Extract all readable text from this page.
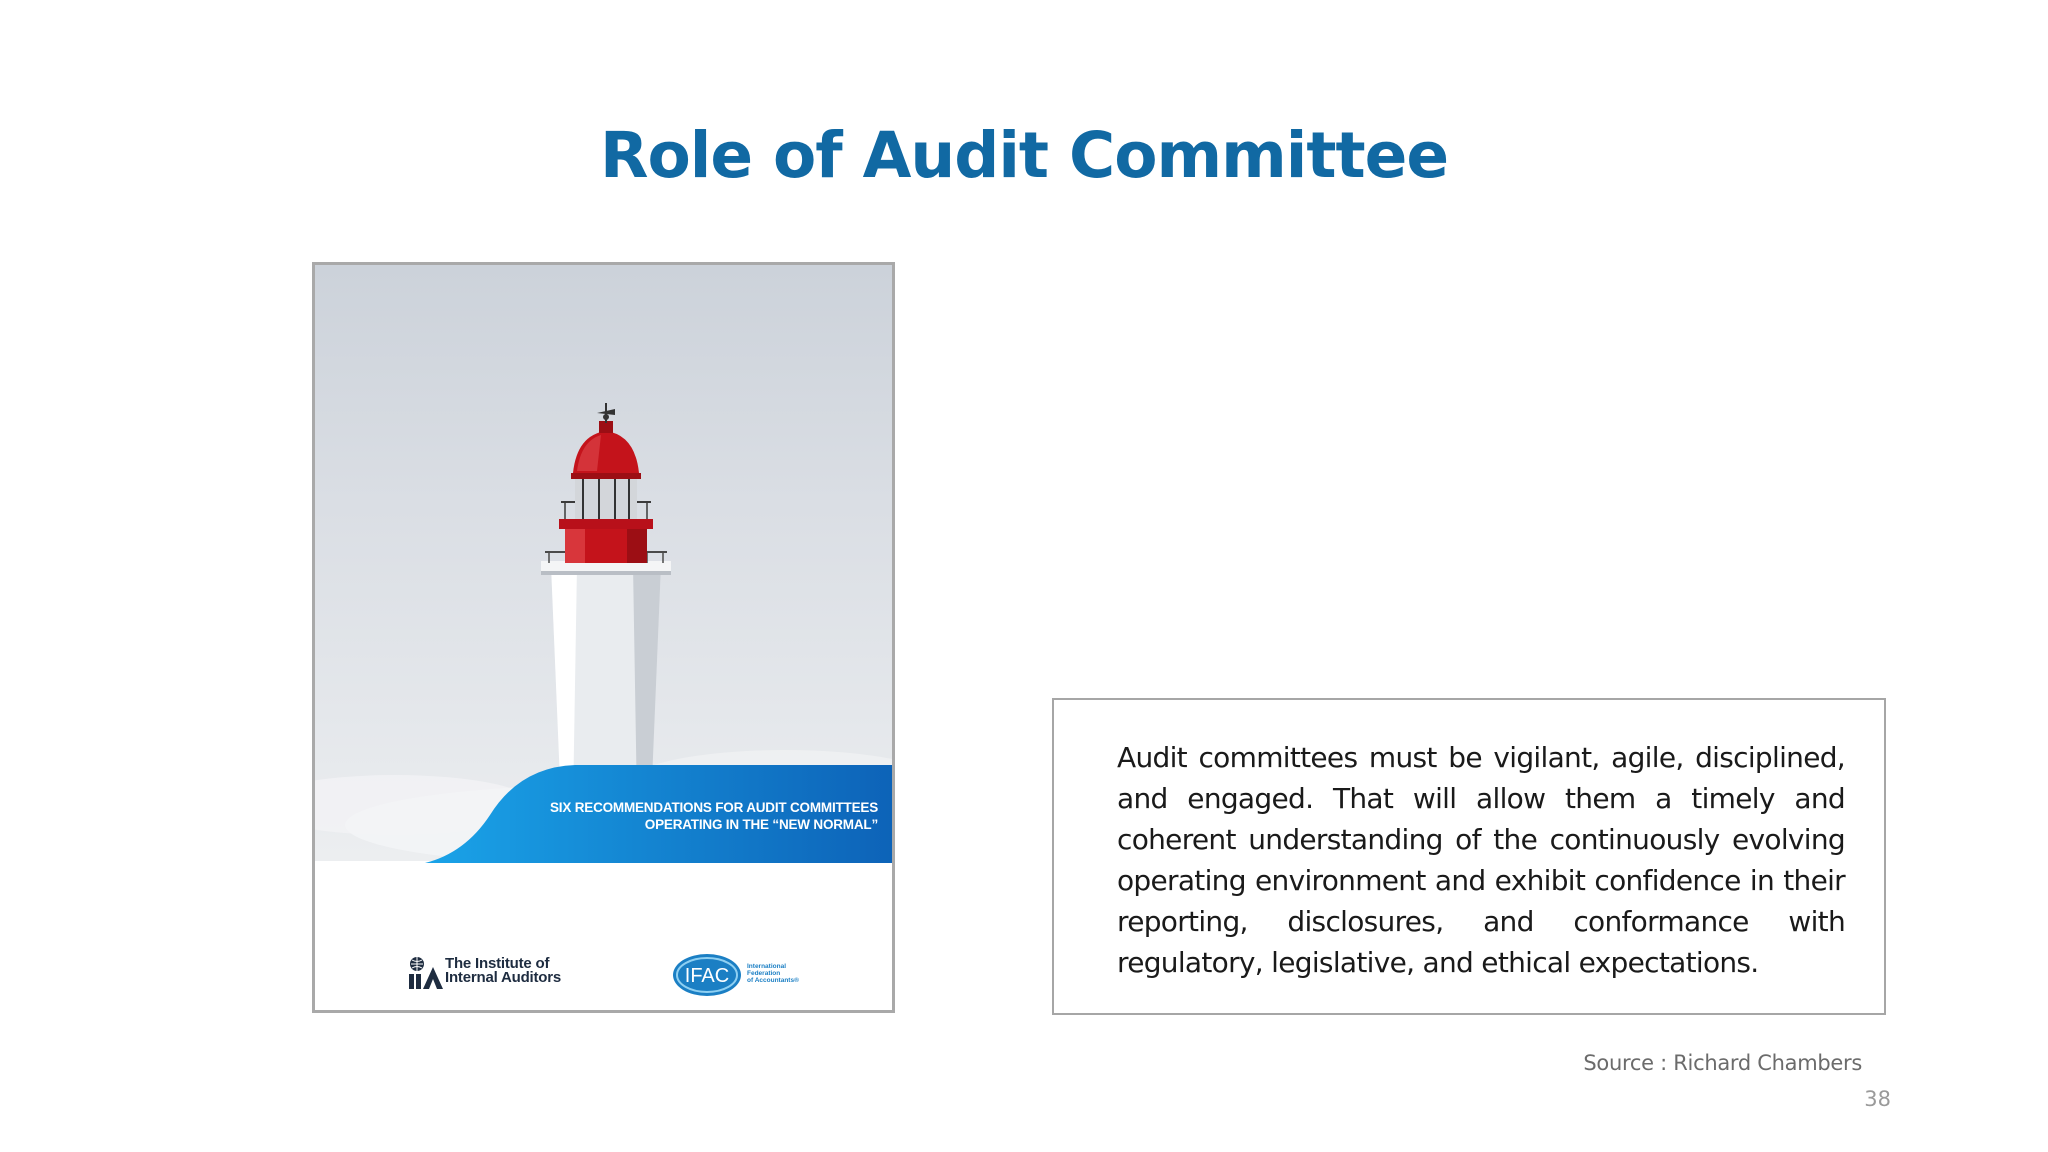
Role of Audit Committee
SIX RECOMMENDATIONS FOR AUDIT COMMITTEES
OPERATING IN THE “NEW NORMAL”
The Institute of
Internal Auditors	IFAC	International
Federation
of Accountants®
Audit committees must be vigilant, agile, disciplined, and engaged. That will allow them a timely and coherent understanding of the continuously evolving operating environment and exhibit confidence in their reporting, disclosures, and conformance with regulatory, legislative, and ethical expectations.
Source : Richard Chambers
38
